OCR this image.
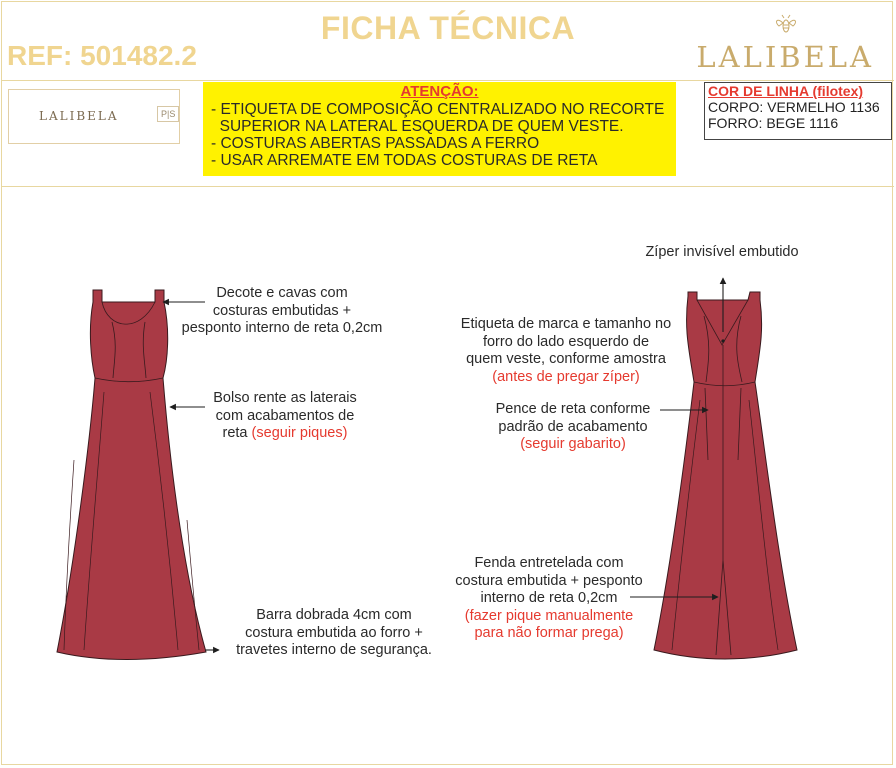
FICHA TÉCNICA
REF: 501482.2	LALIBELA
LALIBELA	P|S
ATENÇÃO:
- ETIQUETA DE COMPOSIÇÃO CENTRALIZADO NO RECORTE
SUPERIOR NA LATERAL ESQUERDA DE QUEM VESTE.
- COSTURAS ABERTAS PASSADAS A FERRO
- USAR ARREMATE EM TODAS COSTURAS DE RETA
COR DE LINHA (filotex)
CORPO: VERMELHO 1136
FORRO: BEGE 1116
Decote e cavas com
costuras embutidas +
pesponto interno de reta 0,2cm
Bolso rente as laterais
com acabamentos de
reta (seguir piques)
Barra dobrada 4cm com
costura embutida ao forro +
travetes interno de segurança.
Zíper invisível embutido
Etiqueta de marca e tamanho no
forro do lado esquerdo de
quem veste, conforme amostra
(antes de pregar zíper)
Pence de reta conforme
padrão de acabamento
(seguir gabarito)
Fenda entretelada com
costura embutida + pesponto
interno de reta 0,2cm
(fazer pique manualmente
para não formar prega)
